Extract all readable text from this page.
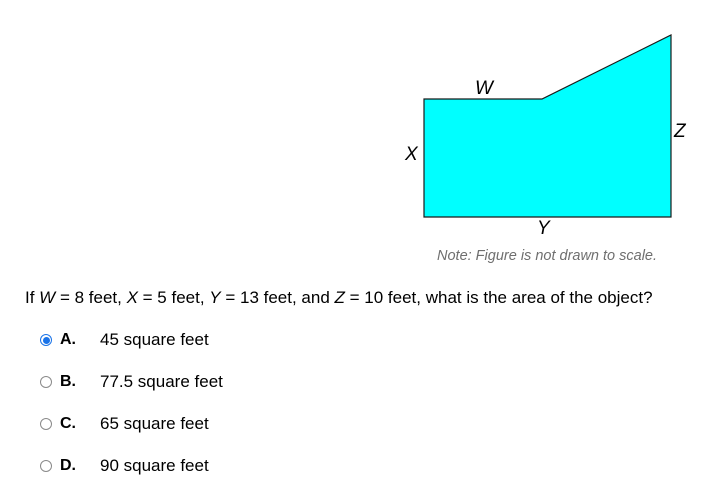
W
X
Y
Z
Note: Figure is not drawn to scale.
If W = 8 feet, X = 5 feet, Y = 13 feet, and Z = 10 feet, what is the area of the object?
A.	45 square feet
B.	77.5 square feet
C.	65 square feet
D.	90 square feet
